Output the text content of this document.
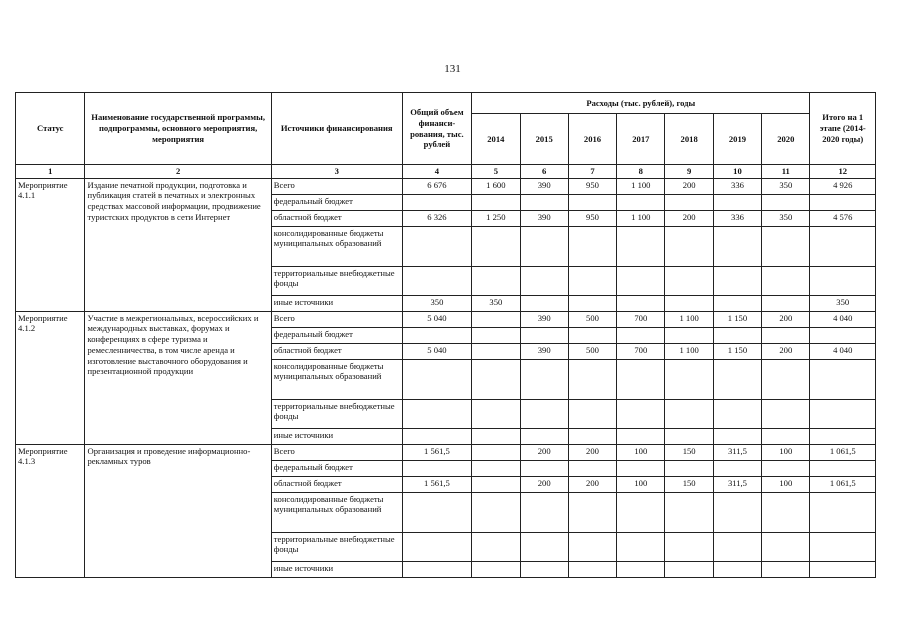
131
Статус	Наименование государственной программы, подпрограммы, основного мероприятия, мероприятия	Источники финансирования	Общий объем финанси-рования, тыс. рублей	Расходы (тыс. рублей), годы							Итого на 1 этапе (2014-2020 годы)
				2014	2015	2016	2017	2018	2019	2020	
1	2	3	4	5	6	7	8	9	10	11	12
Мероприятие 4.1.1	Издание печатной продукции, подготовка и публикация статей в печатных и электронных средствах массовой информации, продвижение туристских продуктов в сети Интернет	Всего	6 676	1 600	390	950	1 100	200	336	350	4 926
		федеральный бюджет									
		областной бюджет	6 326	1 250	390	950	1 100	200	336	350	4 576
		консолидированные бюджеты муниципальных образований									
		территориальные внебюджетные фонды									
		иные источники	350	350							350
Мероприятие 4.1.2	Участие в межрегиональных, всероссийских и международных выставках, форумах и конференциях в сфере туризма и ремесленничества, в том числе аренда и изготовление выставочного оборудования и презентационной продукции	Всего	5 040		390	500	700	1 100	1 150	200	4 040
		федеральный бюджет									
		областной бюджет	5 040		390	500	700	1 100	1 150	200	4 040
		консолидированные бюджеты муниципальных образований									
		территориальные внебюджетные фонды									
		иные источники									
Мероприятие 4.1.3	Организация и проведение информационно-рекламных туров	Всего	1 561,5		200	200	100	150	311,5	100	1 061,5
		федеральный бюджет									
		областной бюджет	1 561,5		200	200	100	150	311,5	100	1 061,5
		консолидированные бюджеты муниципальных образований									
		территориальные внебюджетные фонды									
		иные источники									
